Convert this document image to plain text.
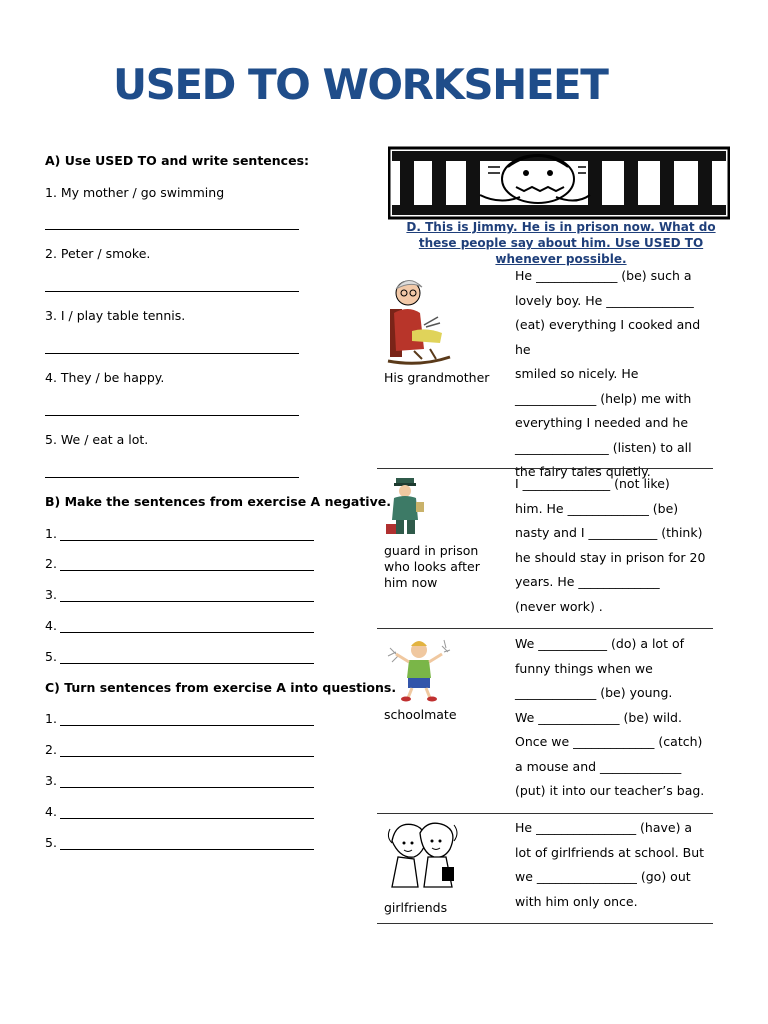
USED TO WORKSHEET
A) Use USED TO and write sentences:
1. My mother / go swimming
2. Peter / smoke.
3. I / play table tennis.
4. They / be happy.
5. We / eat a lot.
B) Make the sentences from exercise A negative.
1.
2.
3.
4.
5.
C) Turn sentences from exercise A into questions.
1.
2.
3.
4.
5.
D. This is Jimmy. He is in prison now. What do these people say about him. Use USED TO whenever possible.
His grandmother
He _____________ (be) such a
lovely boy. He ______________
(eat) everything I cooked and he
smiled so nicely. He
_____________ (help) me with
everything I needed and he
_______________ (listen) to all
the fairy tales quietly.
guard in prison who looks after him now
I ______________ (not like)
him. He _____________ (be)
nasty and I ___________ (think)
he should stay in prison for 20
years. He _____________
(never work) .
schoolmate
We ___________ (do) a lot of
funny things when we
_____________ (be) young.
We _____________ (be) wild.
Once we _____________ (catch)
a mouse and _____________
(put) it into our teacher’s bag.
girlfriends
He ________________ (have) a
lot of girlfriends at school. But
we ________________ (go) out
with him only once.
